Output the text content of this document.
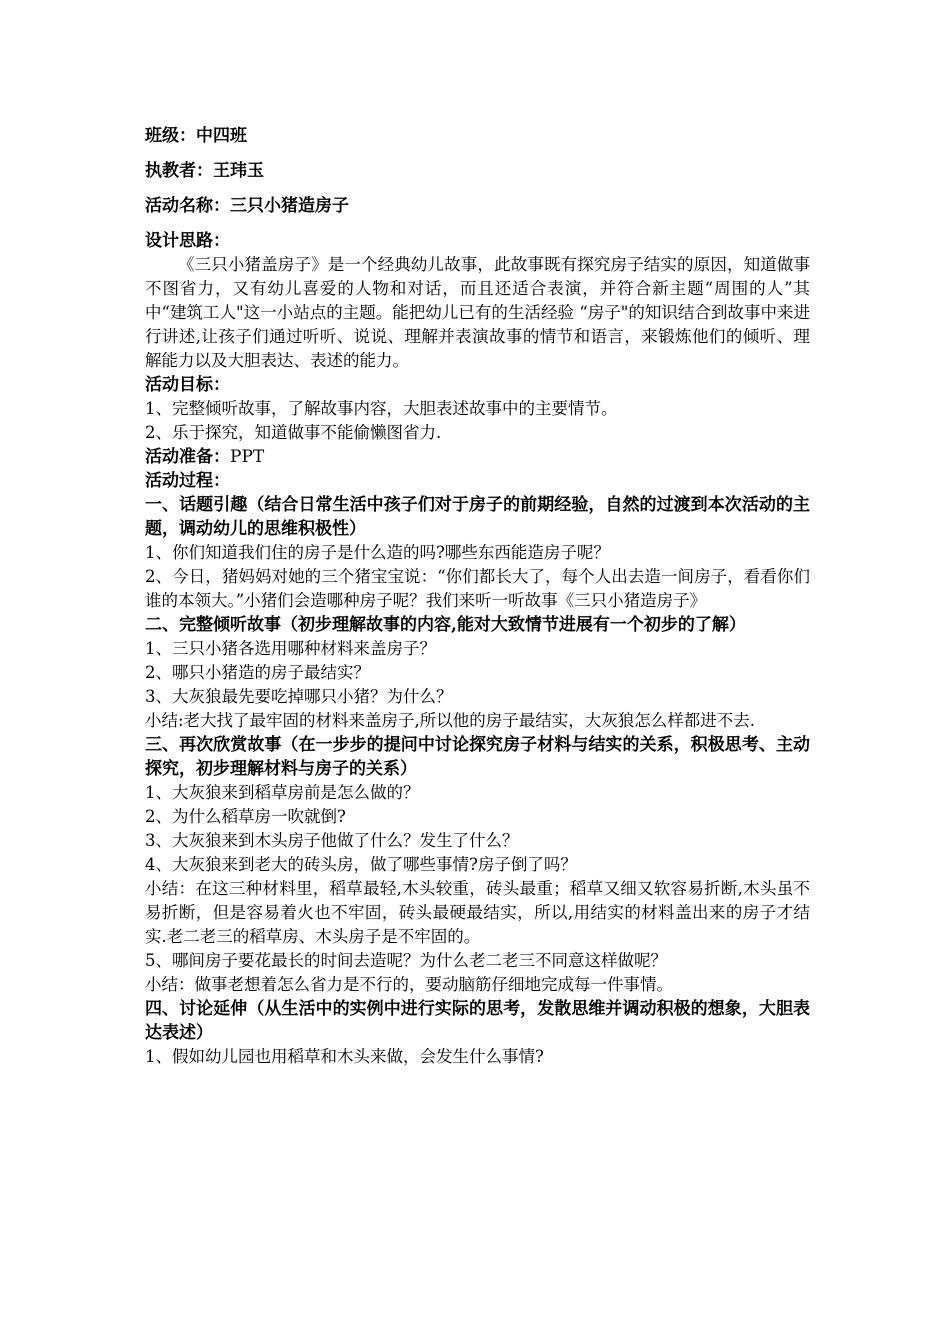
班级：中四班

执教者：王玮玉

活动名称：三只小猪造房子

设计思路：

《三只小猪盖房子》是一个经典幼儿故事，此故事既有探究房子结实的原因，知道做事不图省力，又有幼儿喜爱的人物和对话，而且还适合表演，并符合新主题“周围的人”其中“建筑工人"这一小站点的主题。能把幼儿已有的生活经验 “房子"的知识结合到故事中来进行讲述,让孩子们通过听听、说说、理解并表演故事的情节和语言，来锻炼他们的倾听、理解能力以及大胆表达、表述的能力。

活动目标：

1、完整倾听故事，了解故事内容，大胆表述故事中的主要情节。

2、乐于探究，知道做事不能偷懒图省力.

活动准备：PPT

活动过程：

一、话题引趣（结合日常生活中孩子们对于房子的前期经验，自然的过渡到本次活动的主题，调动幼儿的思维积极性）

1、你们知道我们住的房子是什么造的吗?哪些东西能造房子呢？

2、今日，猪妈妈对她的三个猪宝宝说：“你们都长大了，每个人出去造一间房子，看看你们谁的本领大。”小猪们会造哪种房子呢？我们来听一听故事《三只小猪造房子》

二、完整倾听故事（初步理解故事的内容,能对大致情节进展有一个初步的了解）

1、三只小猪各选用哪种材料来盖房子？

2、哪只小猪造的房子最结实？

3、大灰狼最先要吃掉哪只小猪？为什么？

小结:老大找了最牢固的材料来盖房子,所以他的房子最结实，大灰狼怎么样都进不去.

三、再次欣赏故事（在一步步的提问中讨论探究房子材料与结实的关系，积极思考、主动探究，初步理解材料与房子的关系）

1、大灰狼来到稻草房前是怎么做的？

2、为什么稻草房一吹就倒?

3、大灰狼来到木头房子他做了什么？发生了什么？

4、大灰狼来到老大的砖头房，做了哪些事情?房子倒了吗？

小结：在这三种材料里，稻草最轻,木头较重，砖头最重；稻草又细又软容易折断,木头虽不易折断，但是容易着火也不牢固，砖头最硬最结实，所以,用结实的材料盖出来的房子才结实.老二老三的稻草房、木头房子是不牢固的。

5、哪间房子要花最长的时间去造呢？为什么老二老三不同意这样做呢？

小结：做事老想着怎么省力是不行的，要动脑筋仔细地完成每一件事情。

四、讨论延伸（从生活中的实例中进行实际的思考，发散思维并调动积极的想象，大胆表达表述）

1、假如幼儿园也用稻草和木头来做，会发生什么事情?
